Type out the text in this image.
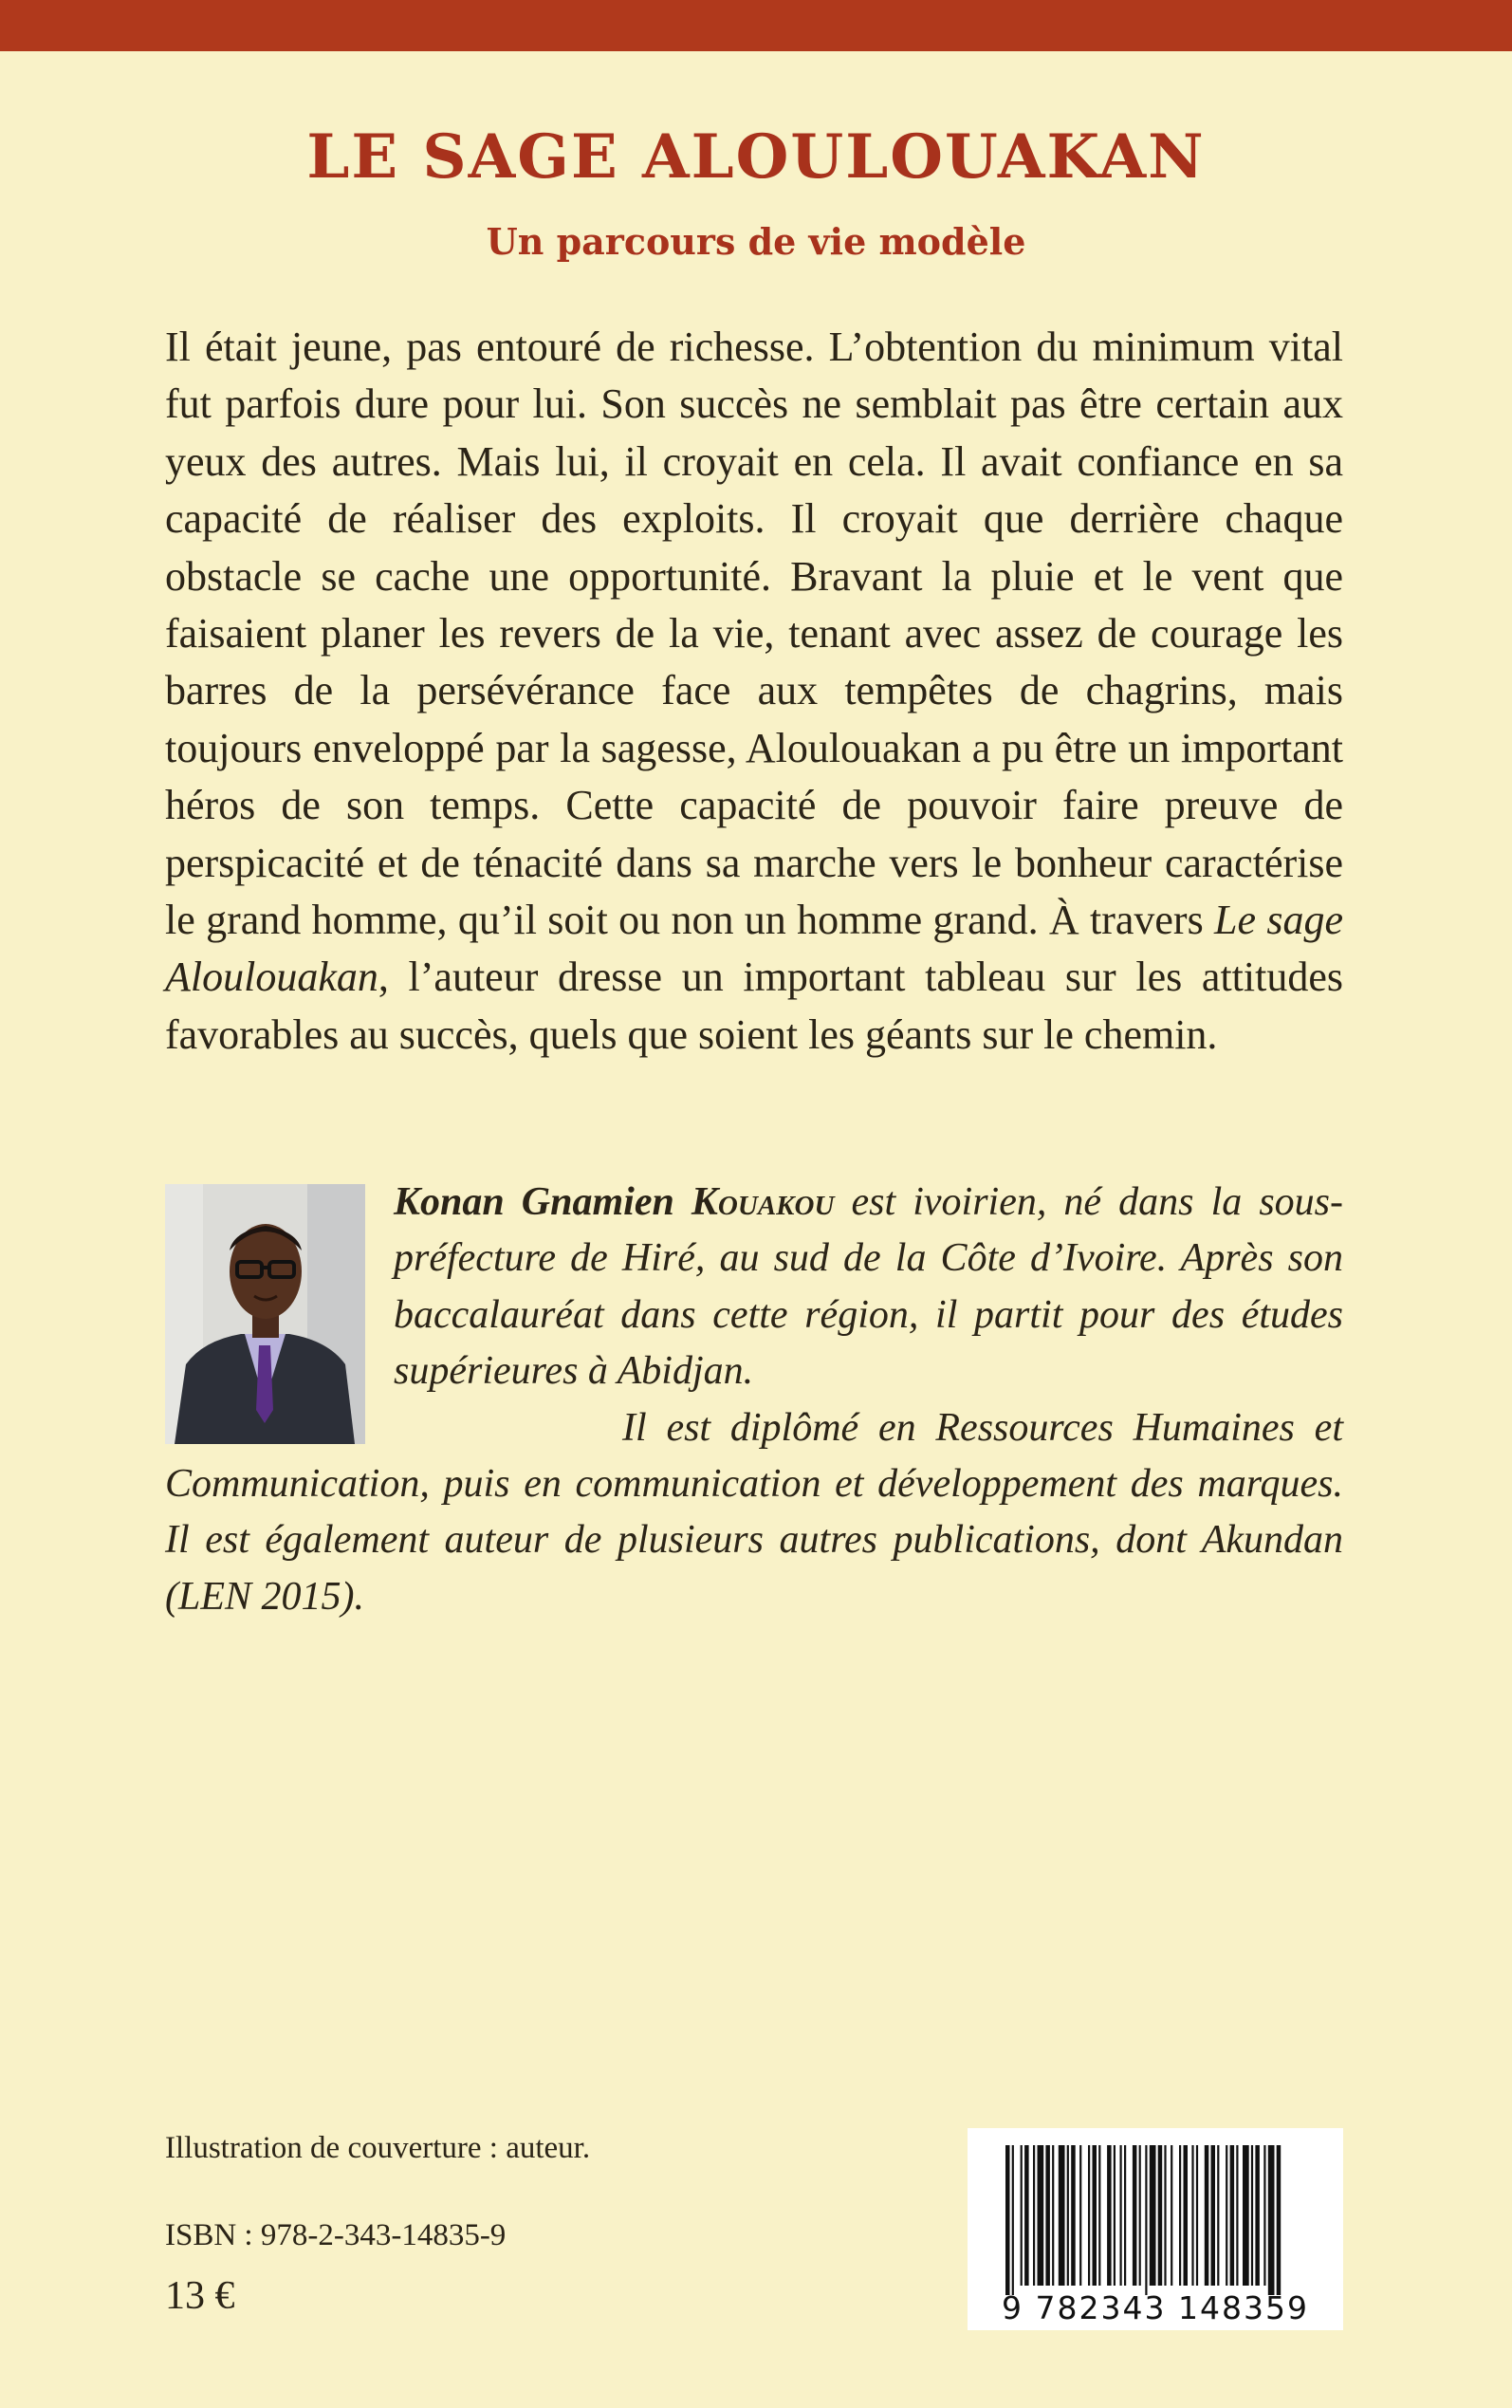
LE SAGE ALOULOUAKAN
Un parcours de vie modèle

Il était jeune, pas entouré de richesse. L’obtention du minimum vital fut parfois dure pour lui. Son succès ne semblait pas être certain aux yeux des autres. Mais lui, il croyait en cela. Il avait confiance en sa capacité de réaliser des exploits. Il croyait que derrière chaque obstacle se cache une opportunité. Bravant la pluie et le vent que faisaient planer les revers de la vie, tenant avec assez de courage les barres de la persévérance face aux tempêtes de chagrins, mais toujours enveloppé par la sagesse, Aloulouakan a pu être un important héros de son temps. Cette capacité de pouvoir faire preuve de perspicacité et de ténacité dans sa marche vers le bonheur caractérise le grand homme, qu’il soit ou non un homme grand. À travers Le sage Aloulouakan, l’auteur dresse un important tableau sur les attitudes favorables au succès, quels que soient les géants sur le chemin.

Konan Gnamien Kouakou est ivoirien, né dans la sous-préfecture de Hiré, au sud de la Côte d’Ivoire. Après son baccalauréat dans cette région, il partit pour des études supérieures à Abidjan.
Il est diplômé en Ressources Humaines et Communication, puis en communication et développement des marques. Il est également auteur de plusieurs autres publications, dont Akundan (LEN 2015).

Illustration de couverture : auteur.

ISBN : 978-2-343-14835-9

13 €	9 782343 148359
